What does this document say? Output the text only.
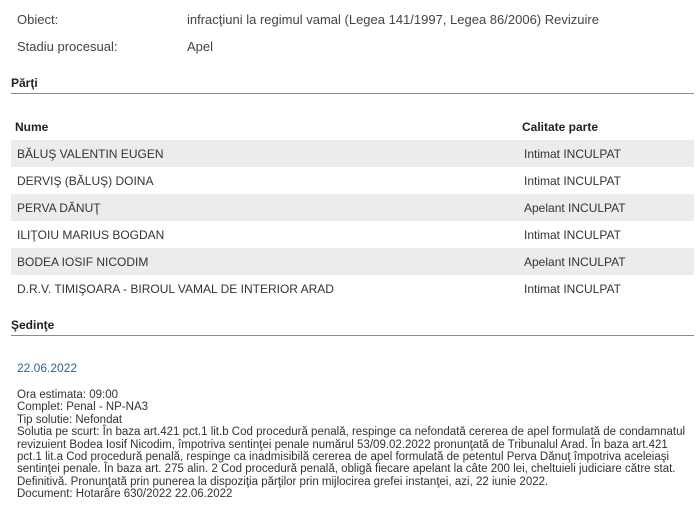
Obiect:	infracţiuni la regimul vamal (Legea 141/1997, Legea 86/2006) Revizuire
Stadiu procesual:	Apel
Părţi
Nume	Calitate parte
BĂLUŞ VALENTIN EUGEN	Intimat INCULPAT
DERVIŞ (BĂLUŞ) DOINA	Intimat INCULPAT
PERVA DĂNUŢ	Apelant INCULPAT
ILIŢOIU MARIUS BOGDAN	Intimat INCULPAT
BODEA IOSIF NICODIM	Apelant INCULPAT
D.R.V. TIMIŞOARA - BIROUL VAMAL DE INTERIOR ARAD	Intimat INCULPAT
Şedinţe
22.06.2022
Ora estimata: 09:00
Complet: Penal - NP-NA3
Tip solutie: Nefondat
Solutia pe scurt: În baza art.421 pct.1 lit.b Cod procedură penală, respinge ca nefondată cererea de apel formulată de condamnatul revizuient Bodea Iosif Nicodim, împotriva sentinţei penale numărul 53/09.02.2022 pronunţată de Tribunalul Arad. În baza art.421 pct.1 lit.a Cod procedură penală, respinge ca inadmisibilă cererea de apel formulată de petentul Perva Dănuţ împotriva aceleiaşi sentinţei penale. În baza art. 275 alin. 2 Cod procedură penală, obligă fiecare apelant la câte 200 lei, cheltuieli judiciare către stat. Definitivă. Pronunţată prin punerea la dispoziţia părţilor prin mijlocirea grefei instanţei, azi, 22 iunie 2022.
Document: Hotarâre 630/2022 22.06.2022
